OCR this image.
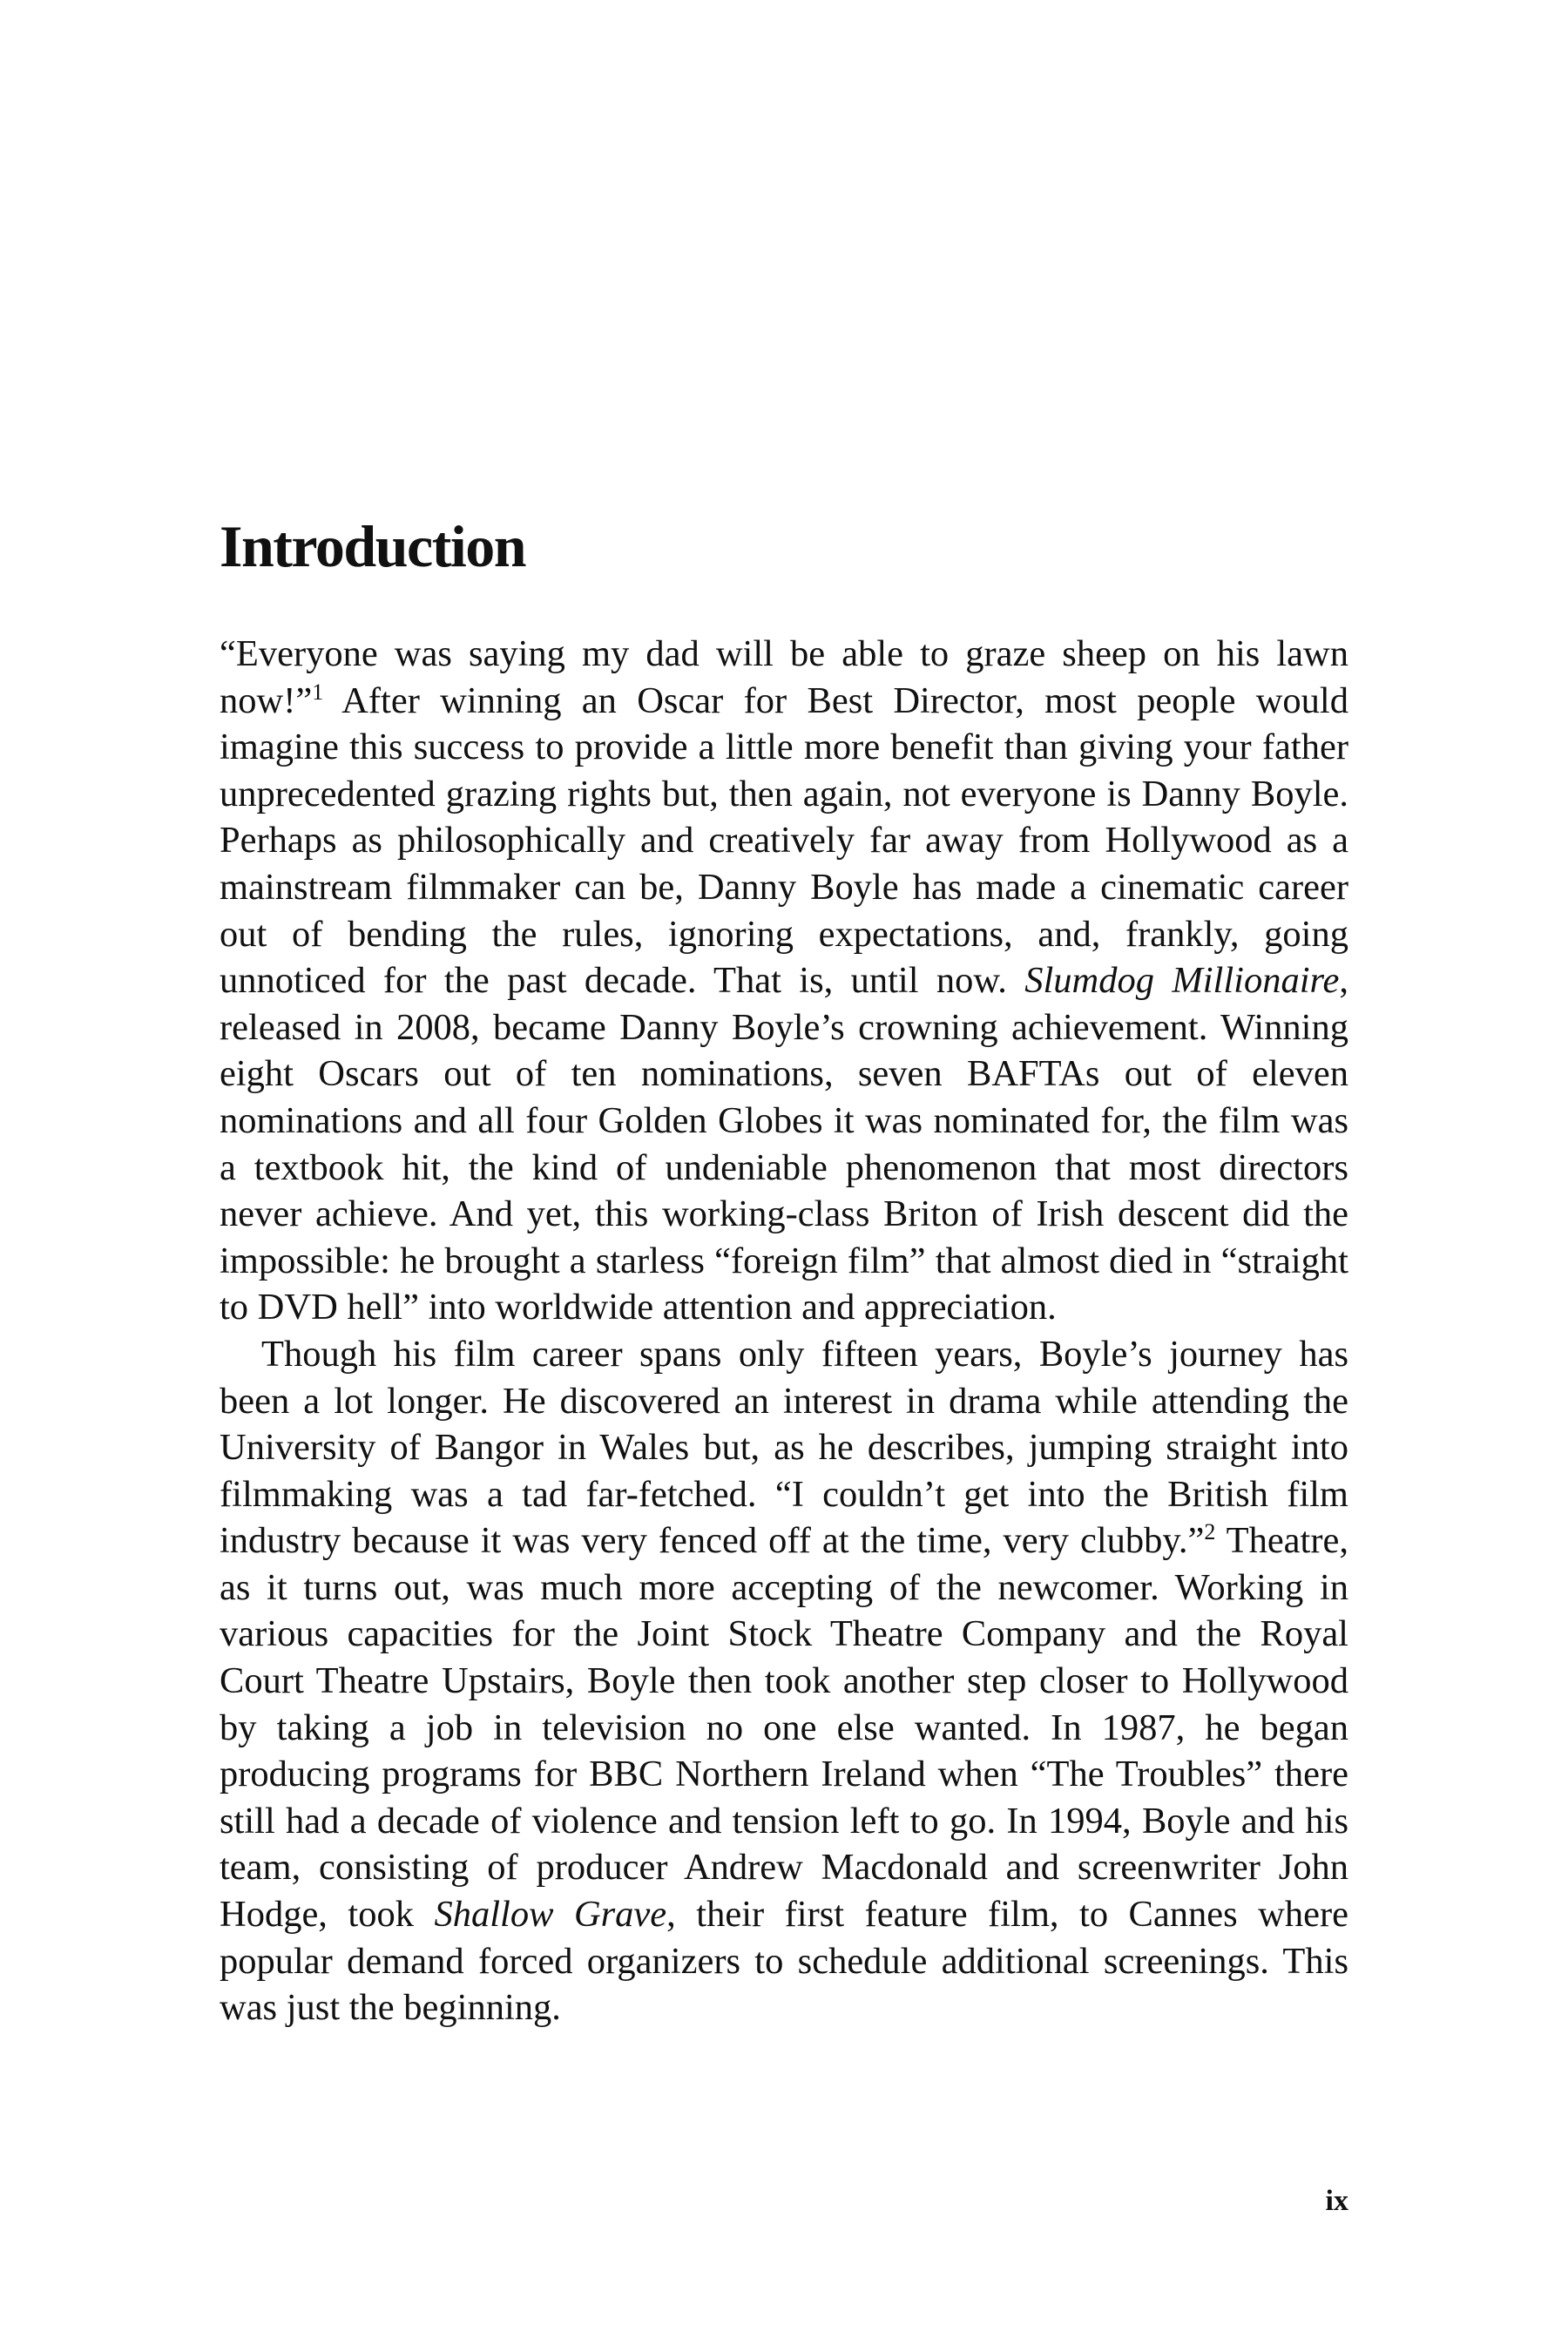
Introduction

“Everyone was saying my dad will be able to graze sheep on his lawn now!”$^1$ After winning an Oscar for Best Director, most people would imagine this success to provide a little more benefit than giving your father unprecedented grazing rights but, then again, not everyone is Danny Boyle. Perhaps as philosophically and creatively far away from Hollywood as a mainstream filmmaker can be, Danny Boyle has made a cinematic career out of bending the rules, ignoring expectations, and, frankly, going unnoticed for the past decade. That is, until now. Slumdog Millionaire, released in 2008, became Danny Boyle’s crowning achievement. Winning eight Oscars out of ten nominations, seven BAFTAs out of eleven nominations and all four Golden Globes it was nominated for, the film was a textbook hit, the kind of undeniable phenomenon that most directors never achieve. And yet, this working-class Briton of Irish descent did the impossible: he brought a starless “foreign film” that almost died in “straight to DVD hell” into worldwide attention and appreciation.

Though his film career spans only fifteen years, Boyle’s journey has been a lot longer. He discovered an interest in drama while attending the University of Bangor in Wales but, as he describes, jumping straight into filmmaking was a tad far-fetched. “I couldn’t get into the British film industry because it was very fenced off at the time, very clubby.”$^2$ Theatre, as it turns out, was much more accepting of the newcomer. Working in various capacities for the Joint Stock Theatre Company and the Royal Court Theatre Upstairs, Boyle then took another step closer to Hollywood by taking a job in television no one else wanted. In 1987, he began producing programs for BBC Northern Ireland when “The Troubles” there still had a decade of violence and tension left to go. In 1994, Boyle and his team, consisting of producer Andrew Macdonald and screenwriter John Hodge, took Shallow Grave, their first feature film, to Cannes where popular demand forced organizers to schedule additional screenings. This was just the beginning.

ix
